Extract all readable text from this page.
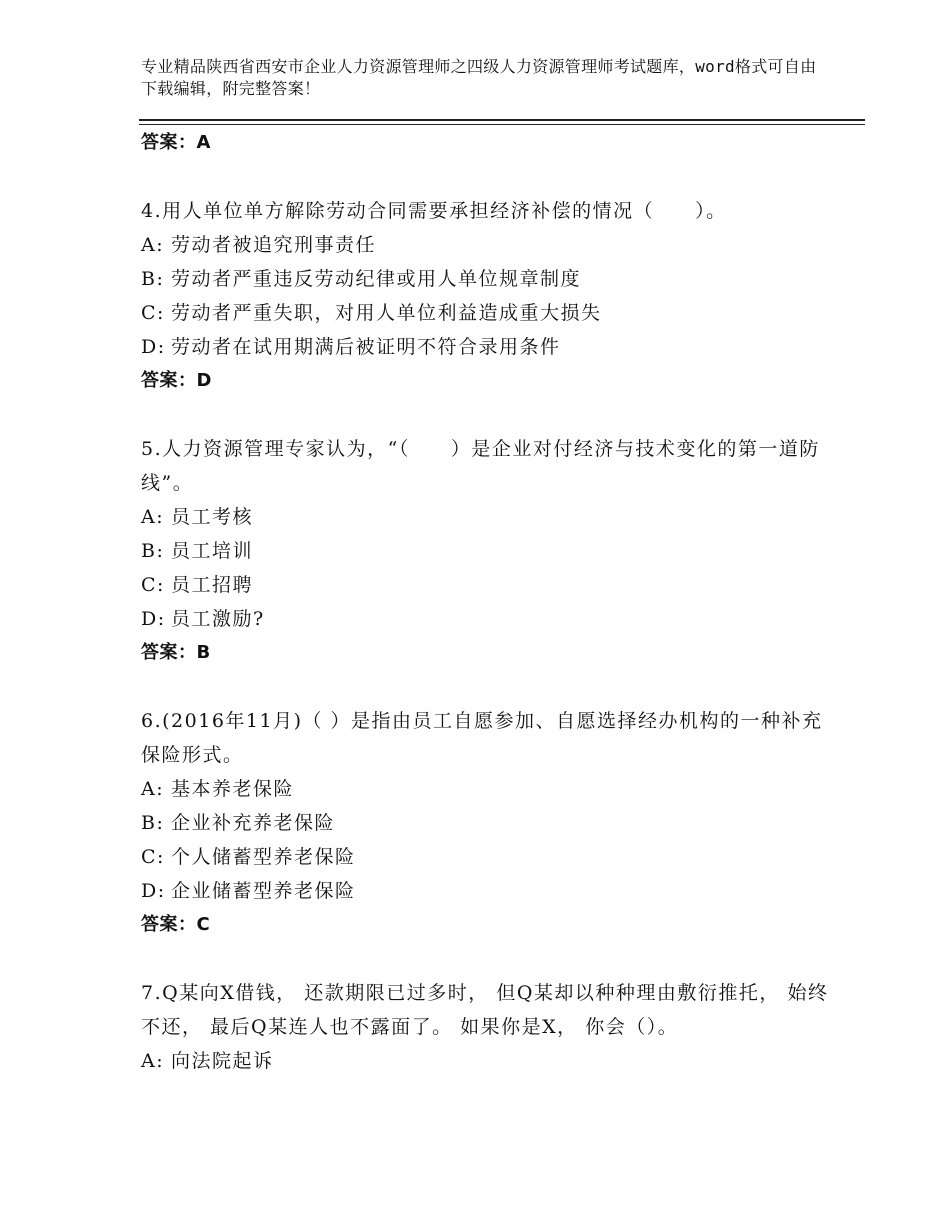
专业精品陕西省西安市企业人力资源管理师之四级人力资源管理师考试题库，word格式可自由下载编辑，附完整答案！
答案：A
4.用人单位单方解除劳动合同需要承担经济补偿的情况（　　）。
A: 劳动者被追究刑事责任
B: 劳动者严重违反劳动纪律或用人单位规章制度
C: 劳动者严重失职，对用人单位利益造成重大损失
D: 劳动者在试用期满后被证明不符合录用条件
答案：D
5.人力资源管理专家认为，“（　　）是企业对付经济与技术变化的第一道防线”。
A: 员工考核
B: 员工培训
C: 员工招聘
D: 员工激励?
答案：B
6.(2016年11月)（ ）是指由员工自愿参加、自愿选择经办机构的一种补充保险形式。
A: 基本养老保险
B: 企业补充养老保险
C: 个人储蓄型养老保险
D: 企业储蓄型养老保险
答案：C
7.Q某向X借钱， 还款期限已过多时， 但Q某却以种种理由敷衍推托， 始终不还， 最后Q某连人也不露面了。 如果你是X， 你会（）。
A: 向法院起诉
